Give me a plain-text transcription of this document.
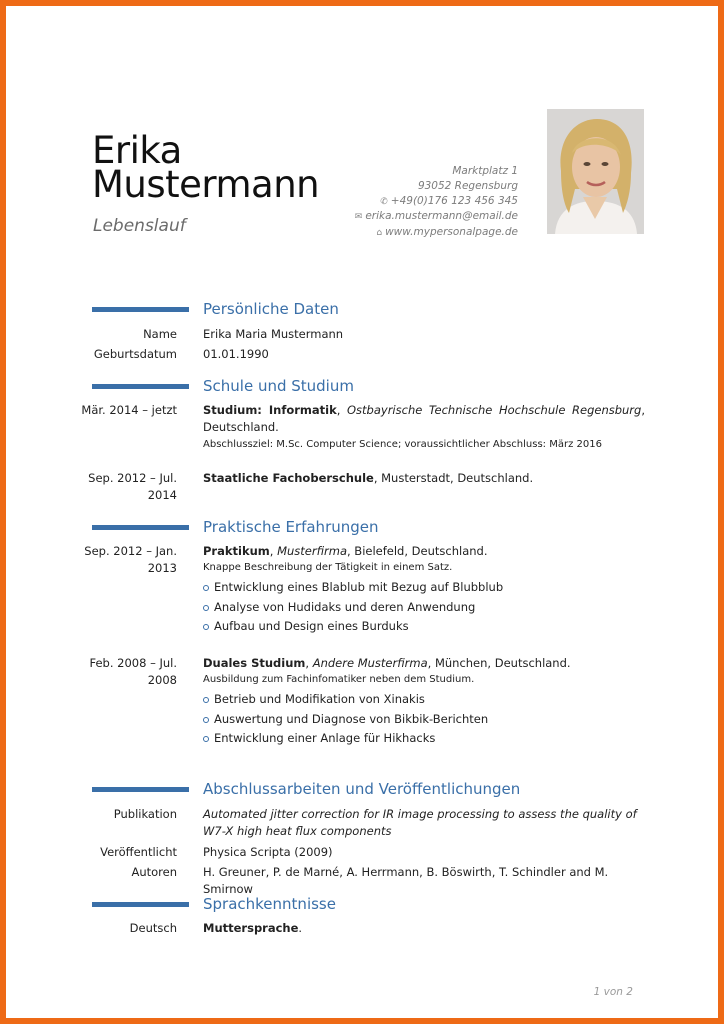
Erika
Mustermann
Lebenslauf
Marktplatz 1
93052 Regensburg
✆ +49(0)176 123 456 345
✉ erika.mustermann@email.de
⌂ www.mypersonalpage.de
Persönliche Daten
Name Erika Maria Mustermann
Geburtsdatum 01.01.1990
Schule und Studium
Mär. 2014 – jetzt Studium: Informatik, Ostbayrische Technische Hochschule Regensburg, Deutschland.
Abschlussziel: M.Sc. Computer Science; voraussichtlicher Abschluss: März 2016
Sep. 2012 – Jul.
2014
Staatliche Fachoberschule, Musterstadt, Deutschland.
Praktische Erfahrungen
Sep. 2012 – Jan.
2013
Praktikum, Musterfirma, Bielefeld, Deutschland.
Knappe Beschreibung der Tätigkeit in einem Satz.
Entwicklung eines Blablub mit Bezug auf Blubblub
Analyse von Hudidaks und deren Anwendung
Aufbau und Design eines Burduks
Feb. 2008 – Jul.
2008
Duales Studium, Andere Musterfirma, München, Deutschland.
Ausbildung zum Fachinfomatiker neben dem Studium.
Betrieb und Modifikation von Xinakis
Auswertung und Diagnose von Bikbik-Berichten
Entwicklung einer Anlage für Hikhacks
Abschlussarbeiten und Veröffentlichungen
Publikation Automated jitter correction for IR image processing to assess the quality of W7-X high heat flux components
Veröffentlicht Physica Scripta (2009)
Autoren H. Greuner, P. de Marné, A. Herrmann, B. Böswirth, T. Schindler and M. Smirnow
Sprachkenntnisse
Deutsch Muttersprache.
1 von 2
